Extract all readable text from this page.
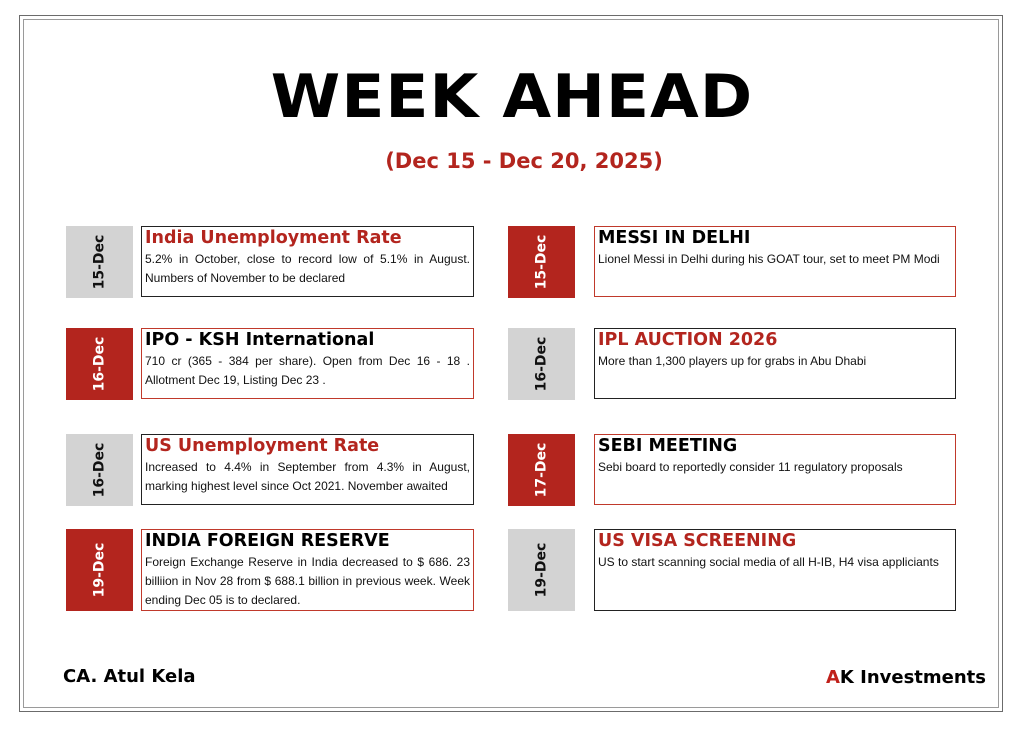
WEEK AHEAD
(Dec 15 - Dec 20, 2025)
15-Dec India Unemployment Rate
5.2% in October, close to record low of 5.1% in August. Numbers of November to be declared
16-Dec IPO - KSH International
710 cr (365 - 384 per share). Open from Dec 16 - 18 . Allotment Dec 19, Listing Dec 23 .
16-Dec US Unemployment Rate
Increased to 4.4% in September from 4.3% in August, marking highest level since Oct 2021. November awaited
19-Dec
INDIA FOREIGN RESERVE
Foreign Exchange Reserve in India decreased to $ 686. 23 billiion in Nov 28 from $ 688.1 billion in previous week. Week ending Dec 05 is to declared.
15-Dec	MESSI IN DELHI
Lionel Messi in Delhi during his GOAT tour, set to meet PM Modi
16-Dec	IPL AUCTION 2026
More than 1,300 players up for grabs in Abu Dhabi
17-Dec	SEBI MEETING
Sebi board to reportedly consider 11 regulatory proposals
19-Dec
US VISA SCREENING
US to start scanning social media of all H-IB, H4 visa appliciants
CA. Atul Kela	AK Investments
